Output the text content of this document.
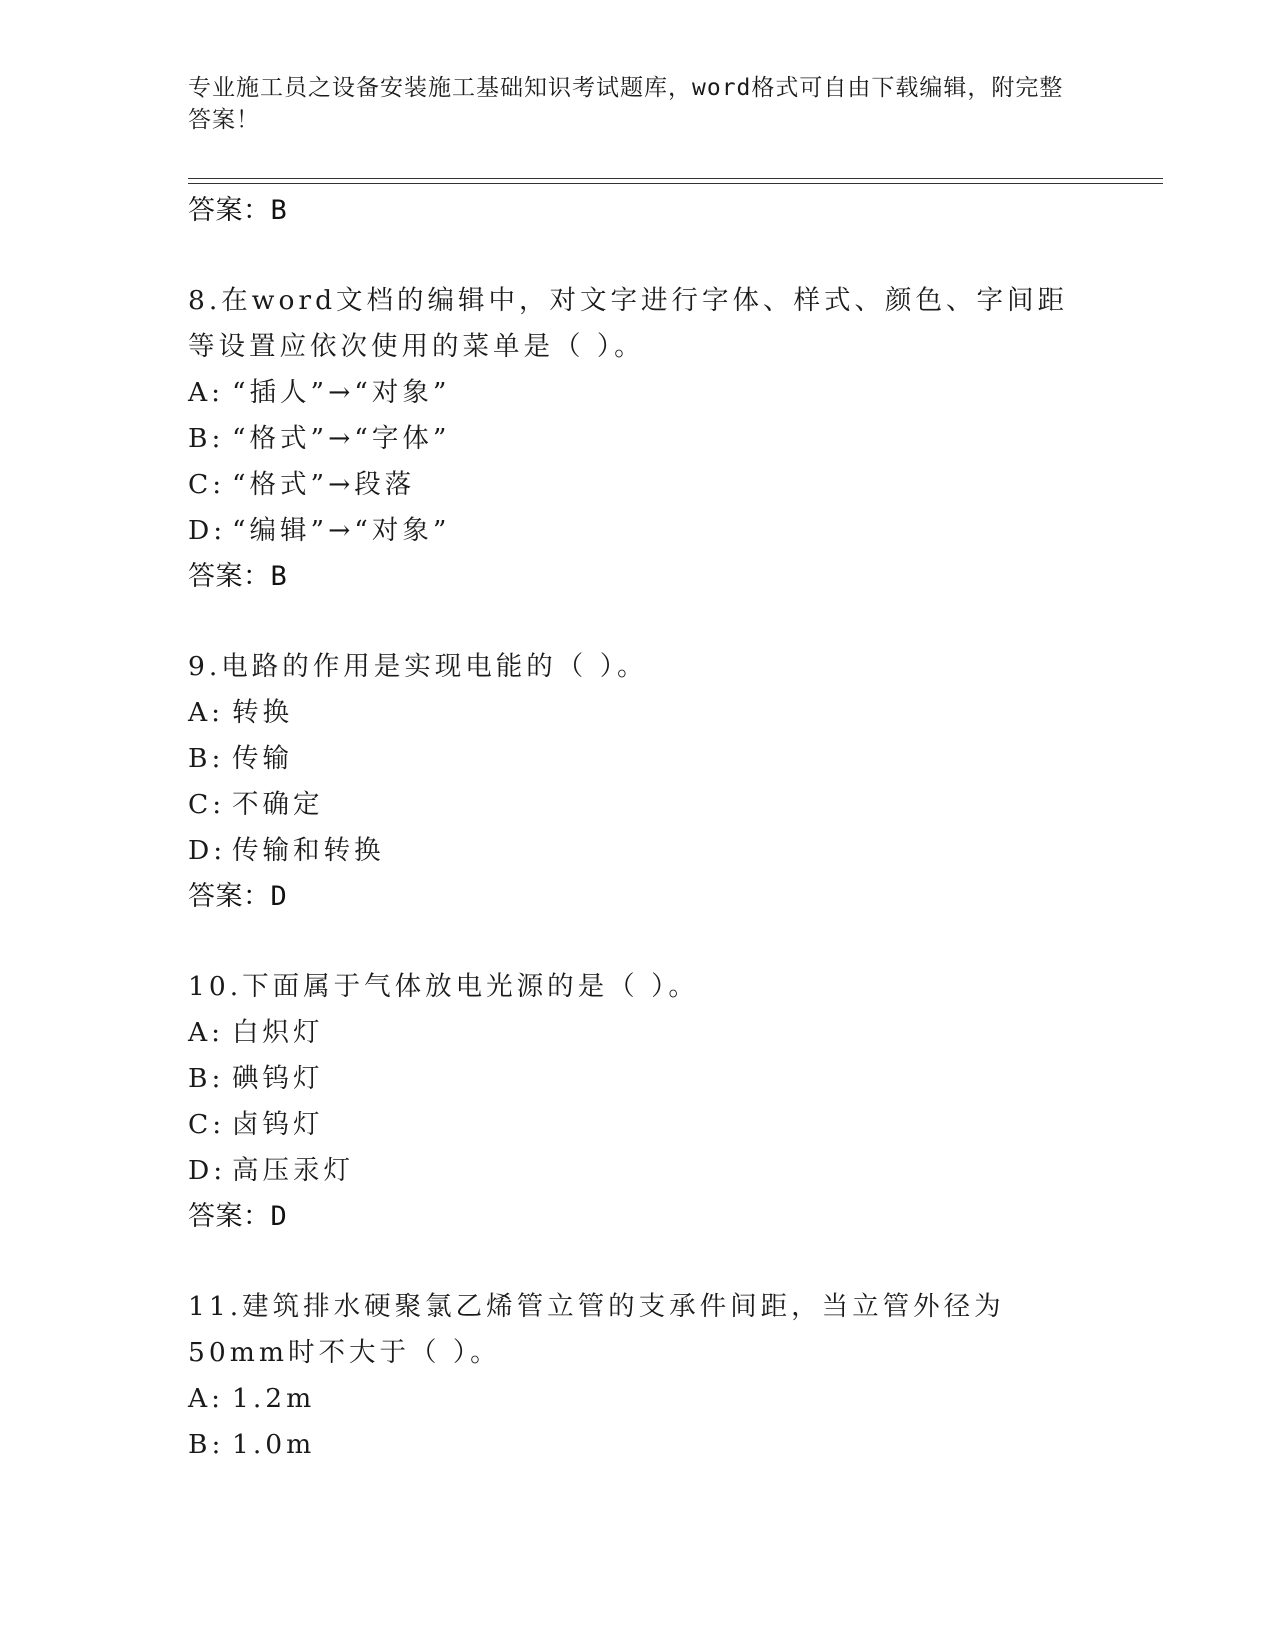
专业施工员之设备安装施工基础知识考试题库，word格式可自由下载编辑，附完整答案！
答案：B
8.在word文档的编辑中，对文字进行字体、样式、颜色、字间距等设置应依次使用的菜单是（ ）。
A: “插人”→“对象”
B: “格式”→“字体”
C: “格式”→段落
D: “编辑”→“对象”
答案：B
9.电路的作用是实现电能的（ ）。
A: 转换
B: 传输
C: 不确定
D: 传输和转换
答案：D
10.下面属于气体放电光源的是（ ）。
A: 白炽灯
B: 碘钨灯
C: 卤钨灯
D: 高压汞灯
答案：D
11.建筑排水硬聚氯乙烯管立管的支承件间距，当立管外径为50mm时不大于（ ）。
A: 1.2m
B: 1.0m
